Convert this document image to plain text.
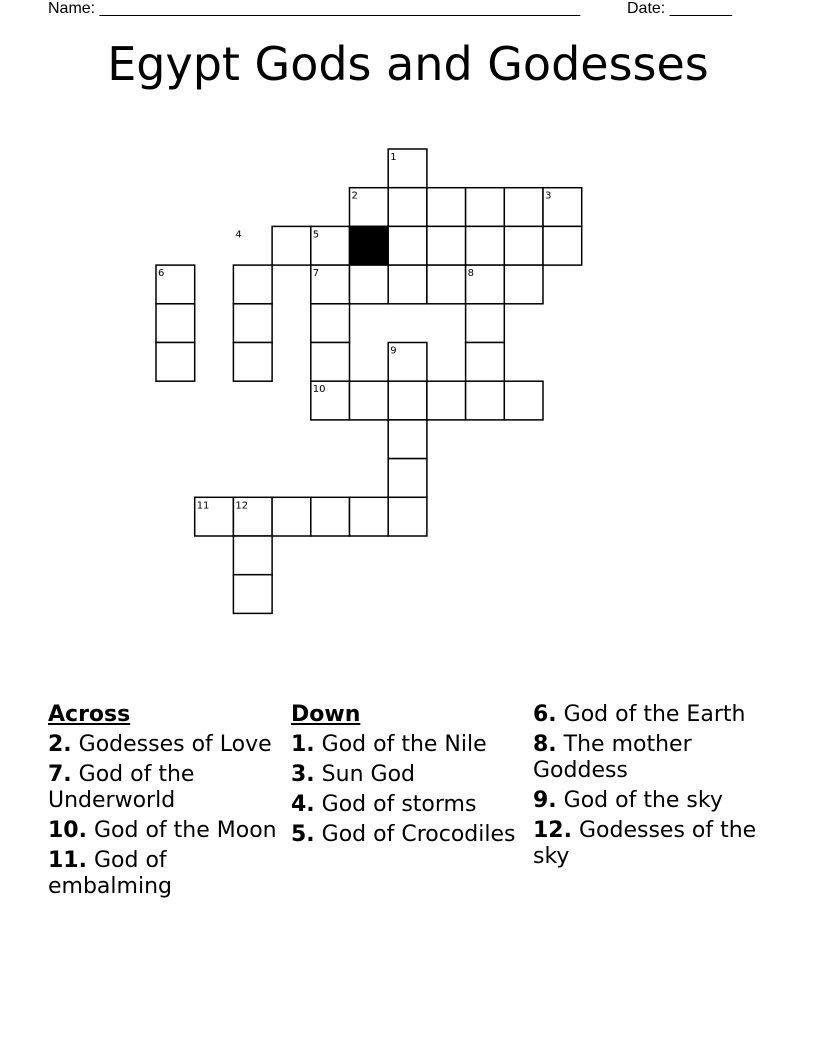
Name: ______________________________________________________	Date: _______
Egypt Gods and Godesses
1
2	3
4	5
6	7	8
9
10
11	12
Across
2. Godesses of Love
7. God of the Underworld
10. God of the Moon
11. God of embalming
Down
1. God of the Nile
3. Sun God
4. God of storms
5. God of Crocodiles
6. God of the Earth
8. The mother Goddess
9. God of the sky
12. Godesses of the sky
